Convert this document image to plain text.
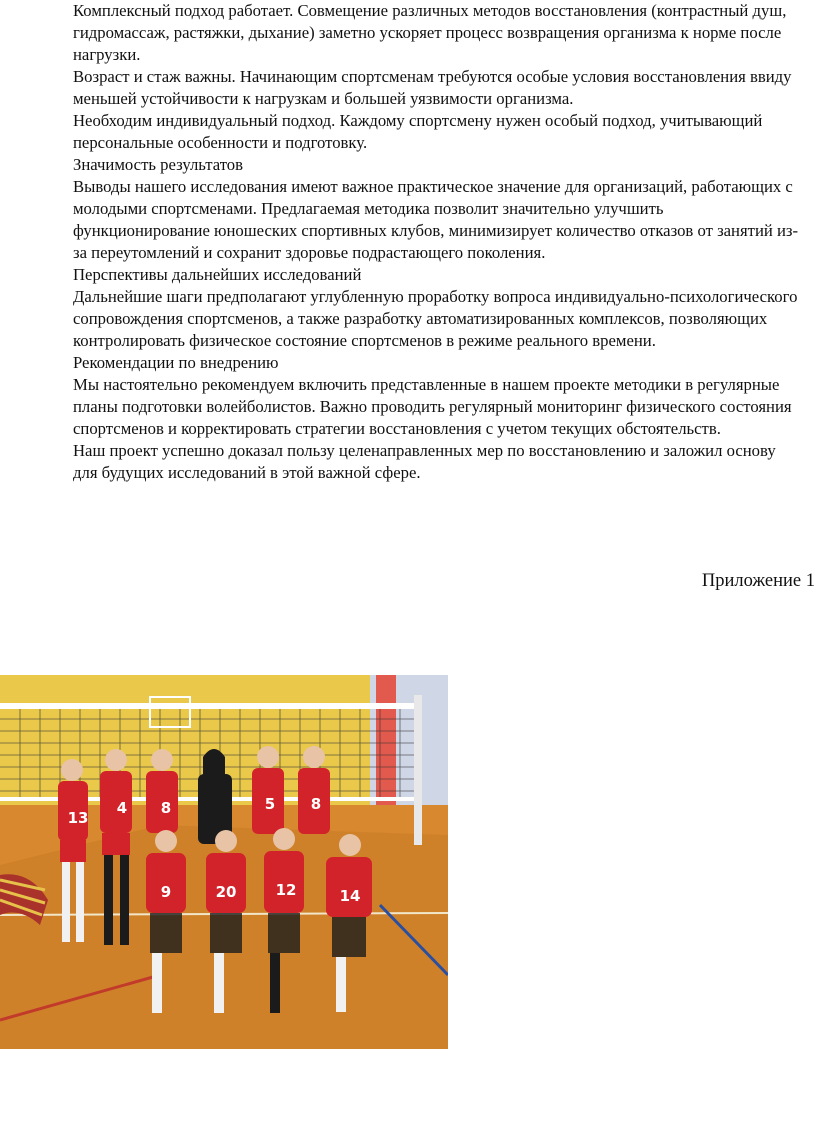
Комплексный подход работает. Совмещение различных методов восстановления (контрастный душ, гидромассаж, растяжки, дыхание) заметно ускоряет процесс возвращения организма к норме после нагрузки.

Возраст и стаж важны. Начинающим спортсменам требуются особые условия восстановления ввиду меньшей устойчивости к нагрузкам и большей уязвимости организма.

Необходим индивидуальный подход. Каждому спортсмену нужен особый подход, учитывающий персональные особенности и подготовку.

Значимость результатов

Выводы нашего исследования имеют важное практическое значение для организаций, работающих с молодыми спортсменами. Предлагаемая методика позволит значительно улучшить функционирование юношеских спортивных клубов, минимизирует количество отказов от занятий из-за переутомлений и сохранит здоровье подрастающего поколения.

Перспективы дальнейших исследований

Дальнейшие шаги предполагают углубленную проработку вопроса индивидуально-психологического сопровождения спортсменов, а также разработку автоматизированных комплексов, позволяющих контролировать физическое состояние спортсменов в режиме реального времени.

Рекомендации по внедрению

Мы настоятельно рекомендуем включить представленные в нашем проекте методики в регулярные планы подготовки волейболистов. Важно проводить регулярный мониторинг физического состояния спортсменов и корректировать стратегии восстановления с учетом текущих обстоятельств.

Наш проект успешно доказал пользу целенаправленных мер по восстановлению и заложил основу для будущих исследований в этой важной сфере.

Приложение 1
13
4 8	5 8
9	20	12	14
